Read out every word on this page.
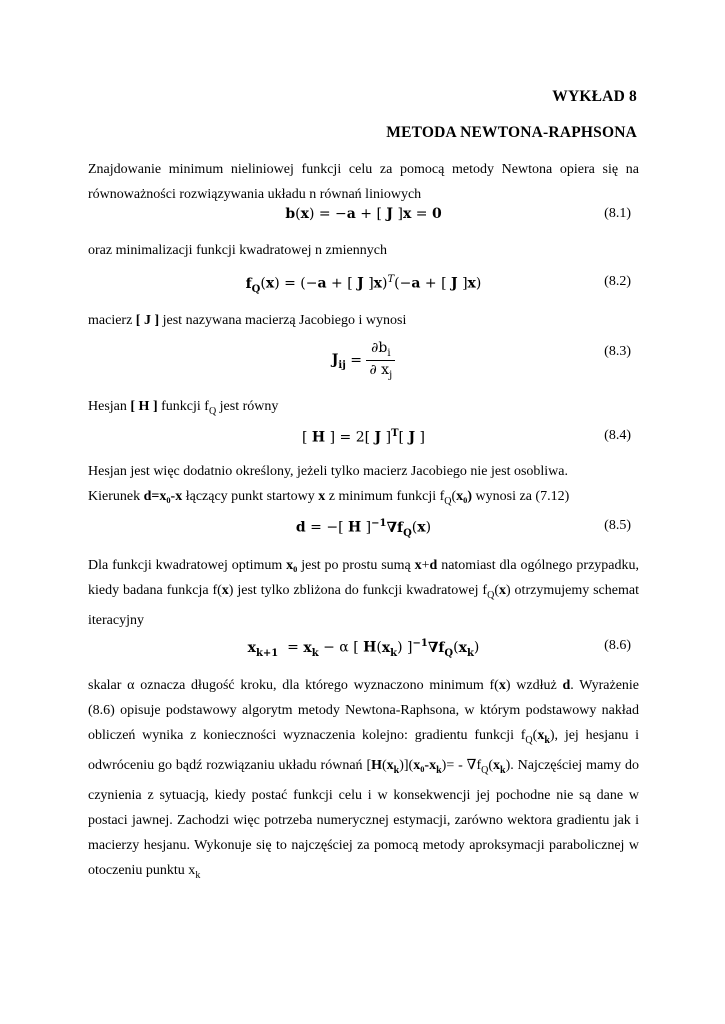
WYKŁAD 8
METODA NEWTONA-RAPHSONA
Znajdowanie minimum nieliniowej funkcji celu za pomocą metody Newtona opiera się na równoważności rozwiązywania układu n równań liniowych
b(x) = −a + [ J ]x = 0	(8.1)
oraz minimalizacji funkcji kwadratowej n zmiennych
$f_Q(x) = (-a$ + [ J ]x)$^T$(−a + [ J ]x)	(8.2)
macierz [ J ] jest nazywana macierzą Jacobiego i wynosi
$J_{ij} = \frac{\partial b_i}{\partial x_j}$	(8.3)
Hesjan [ H ] funkcji $f_Q$ jest równy
[ H ] = 2[ J ]$^T$[ J ]	(8.4)
Hesjan jest więc dodatnio określony, jeżeli tylko macierz Jacobiego nie jest osobliwa.
Kierunek d=x₀-x łączący punkt startowy x z minimum funkcji $f_Q(x_0)$ wynosi za (7.12)
d = −[ H ]$^{-1}\nabla f_Q(x)$	(8.5)
Dla funkcji kwadratowej optimum x₀ jest po prostu sumą x+d natomiast dla ogólnego przypadku, kiedy badana funkcja f(x) jest tylko zbliżona do funkcji kwadratowej $f_Q(x)$ otrzymujemy schemat iteracyjny
$x_{k+1} = x_k - \alpha$ [ $H(x_k)$ ]$^{-1}\nabla f_Q(x_k)$	(8.6)
skalar α oznacza długość kroku, dla którego wyznaczono minimum f(x) wzdłuż d. Wyrażenie (8.6) opisuje podstawowy algorytm metody Newtona-Raphsona, w którym podstawowy nakład obliczeń wynika z konieczności wyznaczenia kolejno: gradientu funkcji $f_Q(x_k)$, jej hesjanu i odwróceniu go bądź rozwiązaniu układu równań $[H(x_k)](x_0-x_k)= - \nabla f_Q(x_k)$. Najczęściej mamy do czynienia z sytuacją, kiedy postać funkcji celu i w konsekwencji jej pochodne nie są dane w postaci jawnej. Zachodzi więc potrzeba numerycznej estymacji, zarówno wektora gradientu jak i macierzy hesjanu. Wykonuje się to najczęściej za pomocą metody aproksymacji parabolicznej w otoczeniu punktu $x_k$
